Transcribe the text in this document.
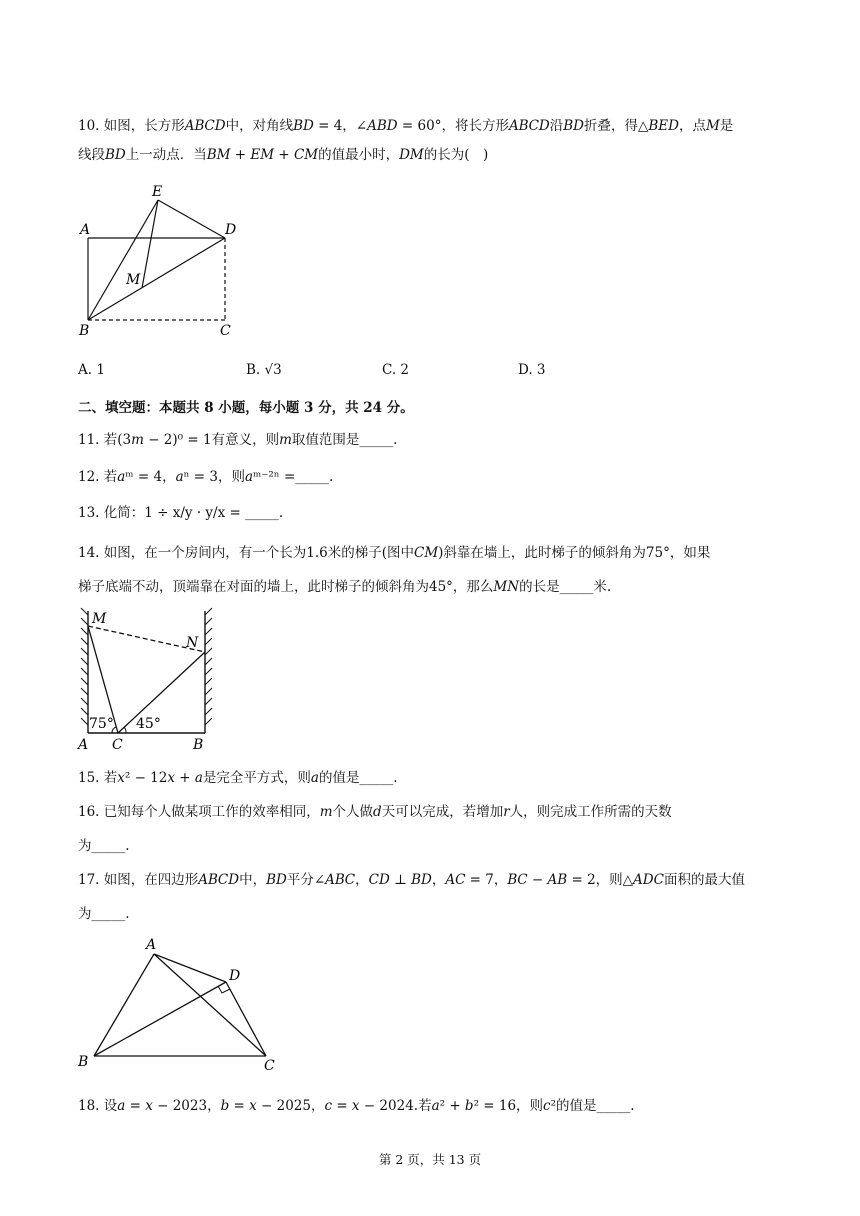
10. 如图，长方形𝐴𝐵𝐶𝐷中，对角线𝐵𝐷 = 4，∠𝐴𝐵𝐷 = 60°，将长方形𝐴𝐵𝐶𝐷沿𝐵𝐷折叠，得△𝐵𝐸𝐷，点𝑀是
线段𝐵𝐷上一动点．当𝐵𝑀 + 𝐸𝑀 + 𝐶𝑀的值最小时，𝐷𝑀的长为(　)
E
A	D
M
B	C
A. 1	B. √3	C. 2	D. 3
二、填空题：本题共 8 小题，每小题 3 分，共 24 分。
11. 若(3𝑚 − 2)⁰ = 1有意义，则𝑚取值范围是_____.
12. 若𝑎ᵐ = 4，𝑎ⁿ = 3，则𝑎ᵐ⁻²ⁿ =_____.
13. 化简：1 ÷ x/y · y/x = _____.
14. 如图，在一个房间内，有一个长为1.6米的梯子(图中𝐶𝑀)斜靠在墙上，此时梯子的倾斜角为75°，如果
梯子底端不动，顶端靠在对面的墙上，此时梯子的倾斜角为45°，那么𝑀𝑁的长是_____米.
M
N
75° 45°
A C	B
15. 若𝑥² − 12𝑥 + 𝑎是完全平方式，则𝑎的值是_____.
16. 已知每个人做某项工作的效率相同，𝑚个人做𝑑天可以完成，若增加𝑟人，则完成工作所需的天数
为_____.
17. 如图，在四边形𝐴𝐵𝐶𝐷中，𝐵𝐷平分∠𝐴𝐵𝐶，𝐶𝐷 ⊥ 𝐵𝐷，𝐴𝐶 = 7，𝐵𝐶 − 𝐴𝐵 = 2，则△𝐴𝐷𝐶面积的最大值
为_____.
A
D
B	C
18. 设𝑎 = 𝑥 − 2023，𝑏 = 𝑥 − 2025，𝑐 = 𝑥 − 2024.若𝑎² + 𝑏² = 16，则𝑐²的值是_____.
第 2 页，共 13 页
